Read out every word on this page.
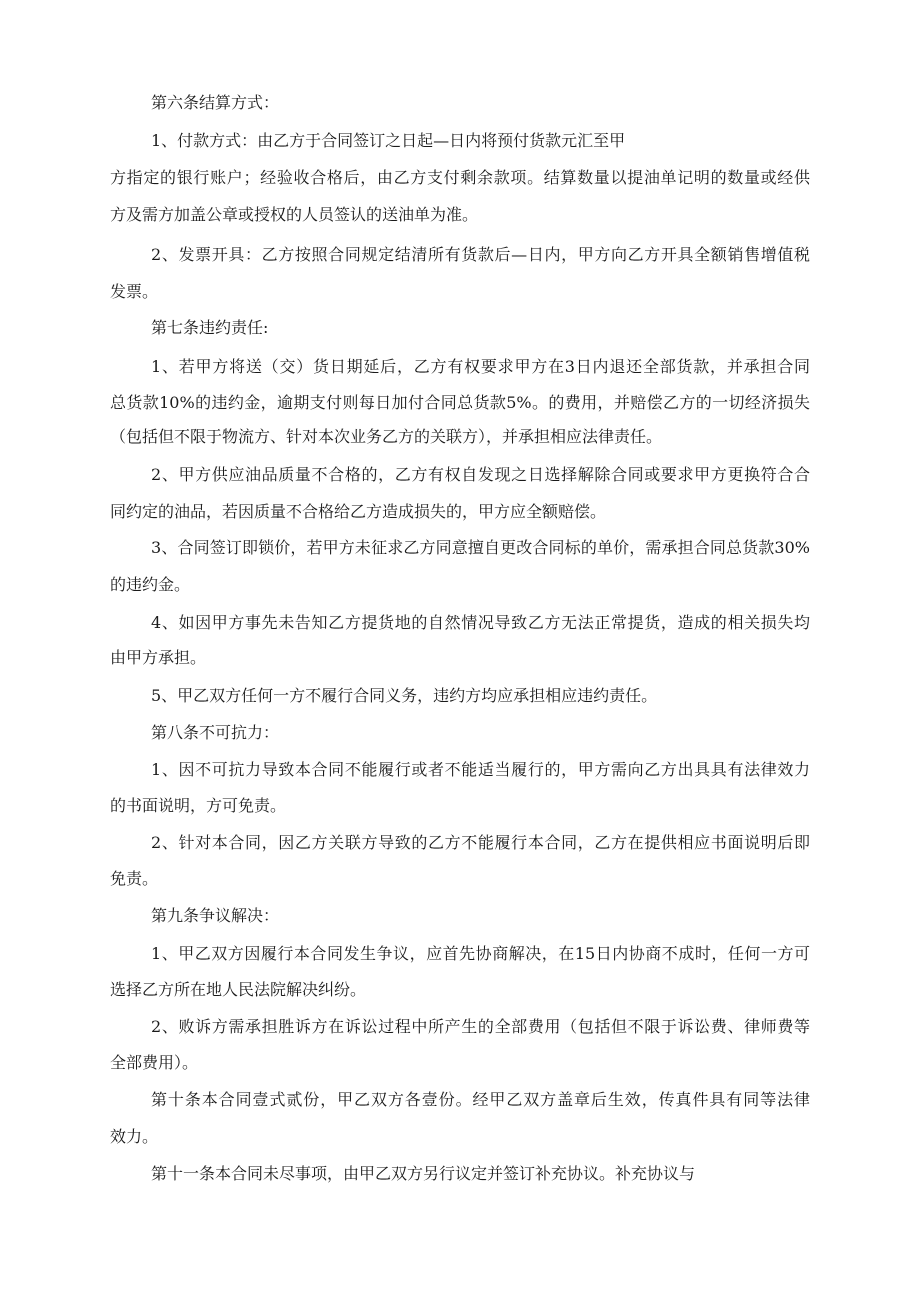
第六条结算方式：
1、付款方式：由乙方于合同签订之日起—日内将预付货款元汇至甲
方指定的银行账户；经验收合格后，由乙方支付剩余款项。结算数量以提油单记明的数量或经供
方及需方加盖公章或授权的人员签认的送油单为准。
2、发票开具：乙方按照合同规定结清所有货款后—日内，甲方向乙方开具全额销售增值税
发票。
第七条违约责任:
1、若甲方将送（交）货日期延后，乙方有权要求甲方在3日内退还全部货款，并承担合同
总货款10%的违约金，逾期支付则每日加付合同总货款5%。的费用，并赔偿乙方的一切经济损失
（包括但不限于物流方、针对本次业务乙方的关联方），并承担相应法律责任。
2、甲方供应油品质量不合格的，乙方有权自发现之日选择解除合同或要求甲方更换符合合
同约定的油品，若因质量不合格给乙方造成损失的，甲方应全额赔偿。
3、合同签订即锁价，若甲方未征求乙方同意擅自更改合同标的单价，需承担合同总货款30%
的违约金。
4、如因甲方事先未告知乙方提货地的自然情况导致乙方无法正常提货，造成的相关损失均
由甲方承担。
5、甲乙双方任何一方不履行合同义务，违约方均应承担相应违约责任。
第八条不可抗力：
1、因不可抗力导致本合同不能履行或者不能适当履行的，甲方需向乙方出具具有法律效力
的书面说明，方可免责。
2、针对本合同，因乙方关联方导致的乙方不能履行本合同，乙方在提供相应书面说明后即
免责。
第九条争议解决：
1、甲乙双方因履行本合同发生争议，应首先协商解决，在15日内协商不成时，任何一方可
选择乙方所在地人民法院解决纠纷。
2、败诉方需承担胜诉方在诉讼过程中所产生的全部费用（包括但不限于诉讼费、律师费等
全部费用）。
第十条本合同壹式贰份，甲乙双方各壹份。经甲乙双方盖章后生效，传真件具有同等法律
效力。
第十一条本合同未尽事项，由甲乙双方另行议定并签订补充协议。补充协议与
